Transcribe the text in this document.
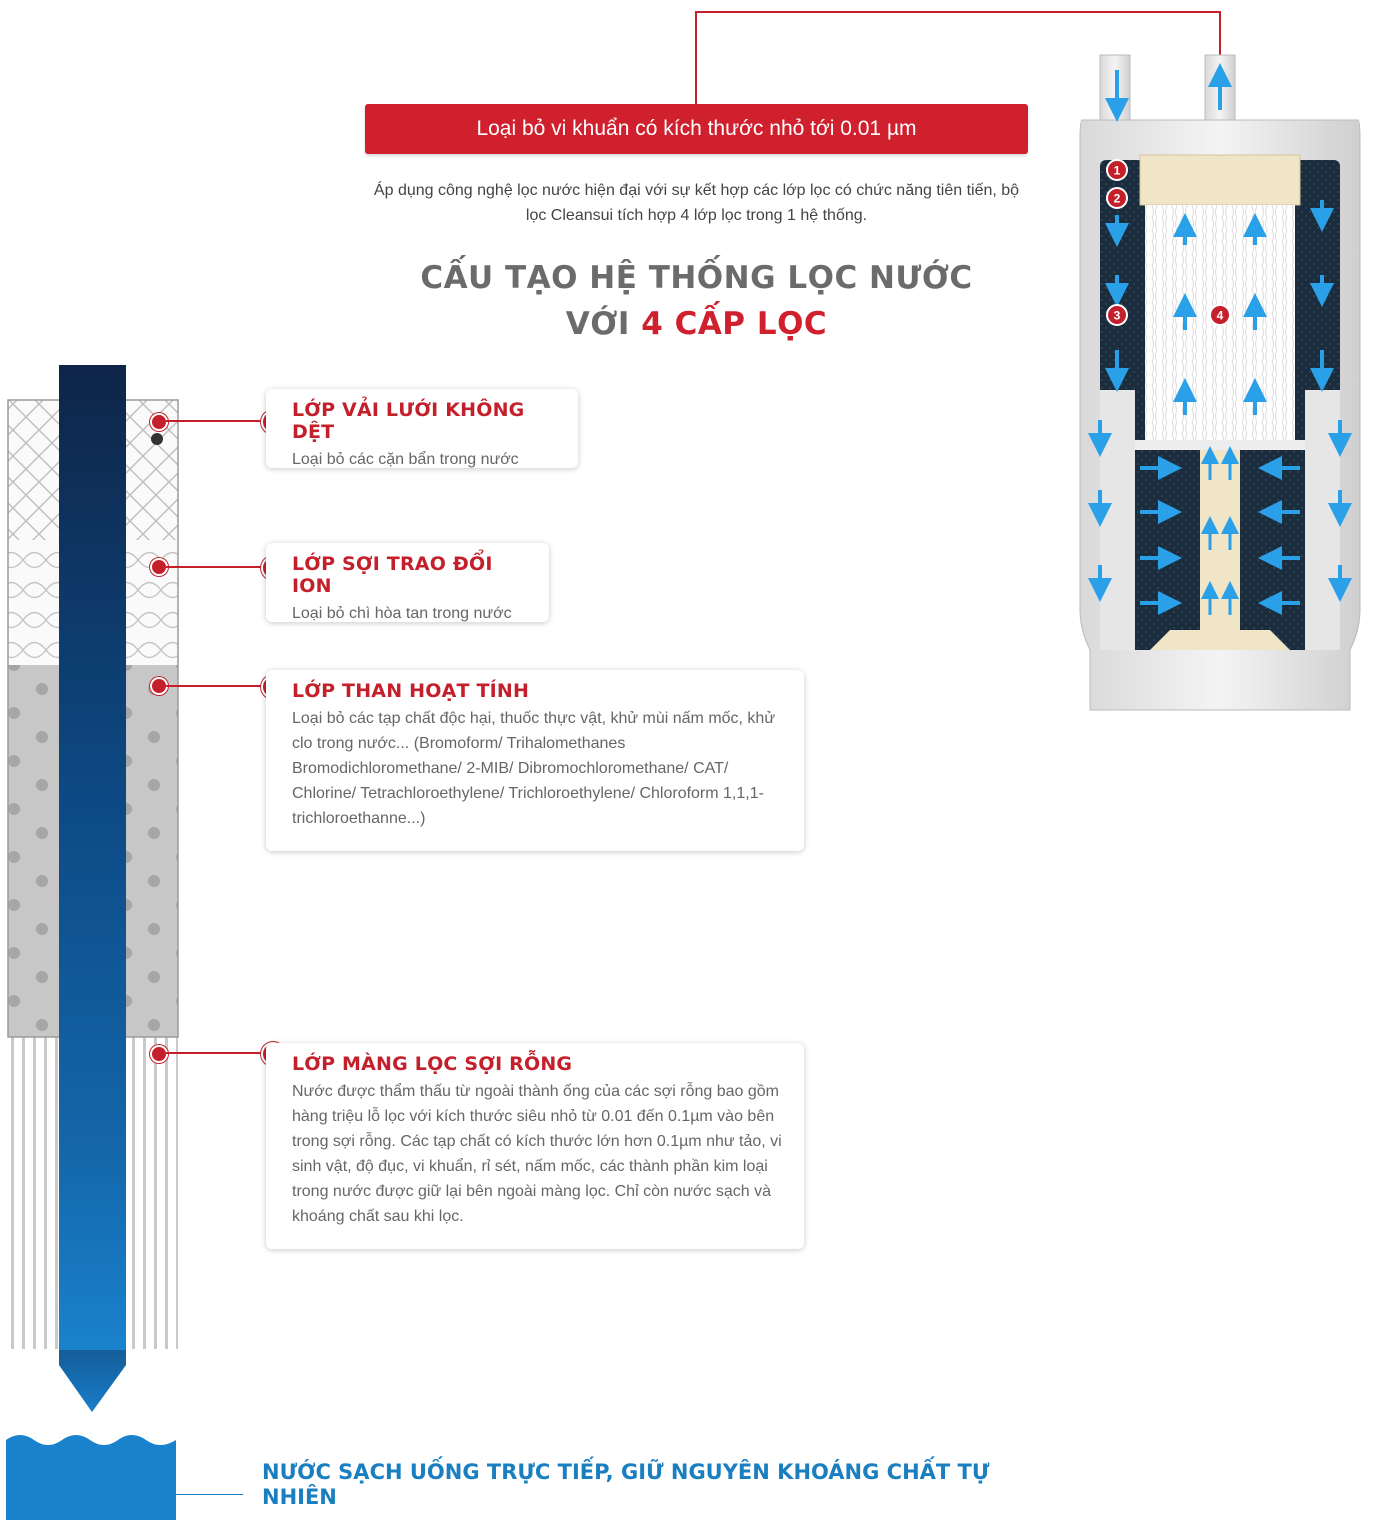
Loại bỏ vi khuẩn có kích thước nhỏ tới 0.01 µm
Áp dụng công nghệ lọc nước hiện đại với sự kết hợp các lớp lọc có chức năng tiên tiến, bộ lọc Cleansui tích hợp 4 lớp lọc trong 1 hệ thống.
CẤU TẠO HỆ THỐNG LỌC NƯỚC
VỚI 4 CẤP LỌC
LỚP VẢI LƯỚI KHÔNG DỆT

Loại bỏ các cặn bẩn trong nước

LỚP SỢI TRAO ĐỔI ION

Loại bỏ chì hòa tan trong nước

LỚP THAN HOẠT TÍNH

Loại bỏ các tạp chất độc hại, thuốc thực vật, khử mùi nấm mốc, khử clo trong nước... (Bromoform/ Trihalomethanes Bromodichloromethane/ 2-MIB/ Dibromochloromethane/ CAT/ Chlorine/ Tetrachloroethylene/ Trichloroethylene/ Chloroform 1,1,1-trichloroethanne...)

LỚP MÀNG LỌC SỢI RỖNG

Nước được thẩm thấu từ ngoài thành ống của các sợi rỗng bao gồm hàng triệu lỗ lọc với kích thước siêu nhỏ từ 0.01 đến 0.1µm vào bên trong sợi rỗng. Các tạp chất có kích thước lớn hơn 0.1µm như tảo, vi sinh vật, độ đục, vi khuẩn, rỉ sét, nấm mốc, các thành phần kim loại trong nước được giữ lại bên ngoài màng lọc. Chỉ còn nước sạch và khoáng chất sau khi lọc.

1
2
3	4
NƯỚC SẠCH UỐNG TRỰC TIẾP, GIỮ NGUYÊN KHOÁNG CHẤT TỰ NHIÊN
